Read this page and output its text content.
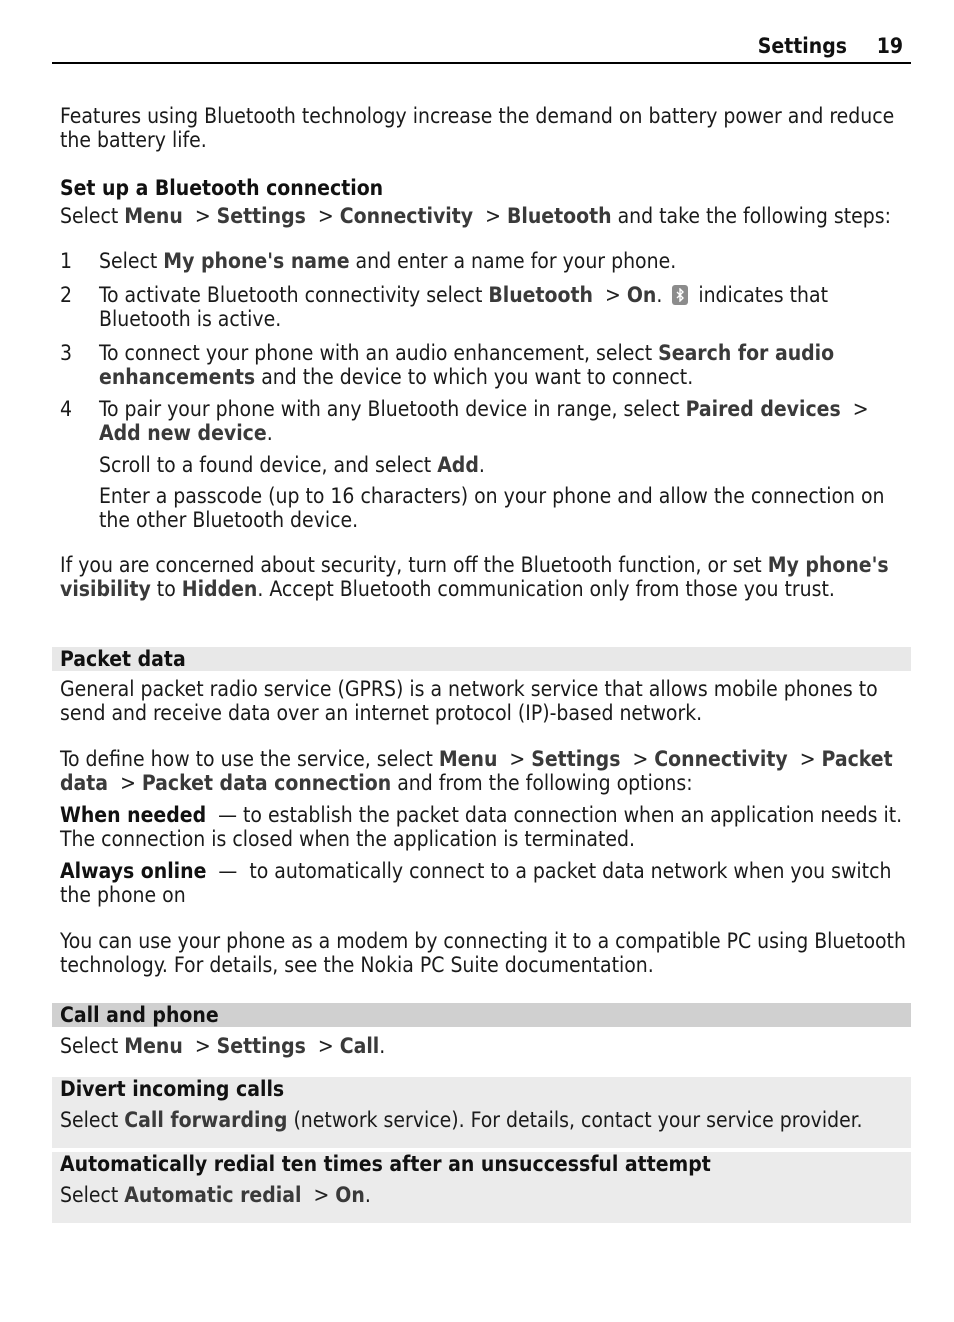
Settings 19
Features using Bluetooth technology increase the demand on battery power and reduce the battery life.
Set up a Bluetooth connection
Select Menu > Settings > Connectivity > Bluetooth and take the following steps:
1 Select My phone's name and enter a name for your phone.
2 To activate Bluetooth connectivity select Bluetooth > On.
indicates that Bluetooth is active.
3 To connect your phone with an audio enhancement, select Search for audio enhancements and the device to which you want to connect.
4 To pair your phone with any Bluetooth device in range, select Paired devices > Add new device.
Scroll to a found device, and select Add.
Enter a passcode (up to 16 characters) on your phone and allow the connection on the other Bluetooth device.
If you are concerned about security, turn off the Bluetooth function, or set My phone's visibility to Hidden. Accept Bluetooth communication only from those you trust.
Packet data
General packet radio service (GPRS) is a network service that allows mobile phones to send and receive data over an internet protocol (IP)-based network.
To define how to use the service, select Menu > Settings > Connectivity > Packet data > Packet data connection and from the following options:
When needed  — to establish the packet data connection when an application needs it. The connection is closed when the application is terminated.
Always online  —  to automatically connect to a packet data network when you switch the phone on
You can use your phone as a modem by connecting it to a compatible PC using Bluetooth technology. For details, see the Nokia PC Suite documentation.
Call and phone
Select Menu > Settings > Call.
Divert incoming calls
Select Call forwarding (network service). For details, contact your service provider.
Automatically redial ten times after an unsuccessful attempt
Select Automatic redial > On.
